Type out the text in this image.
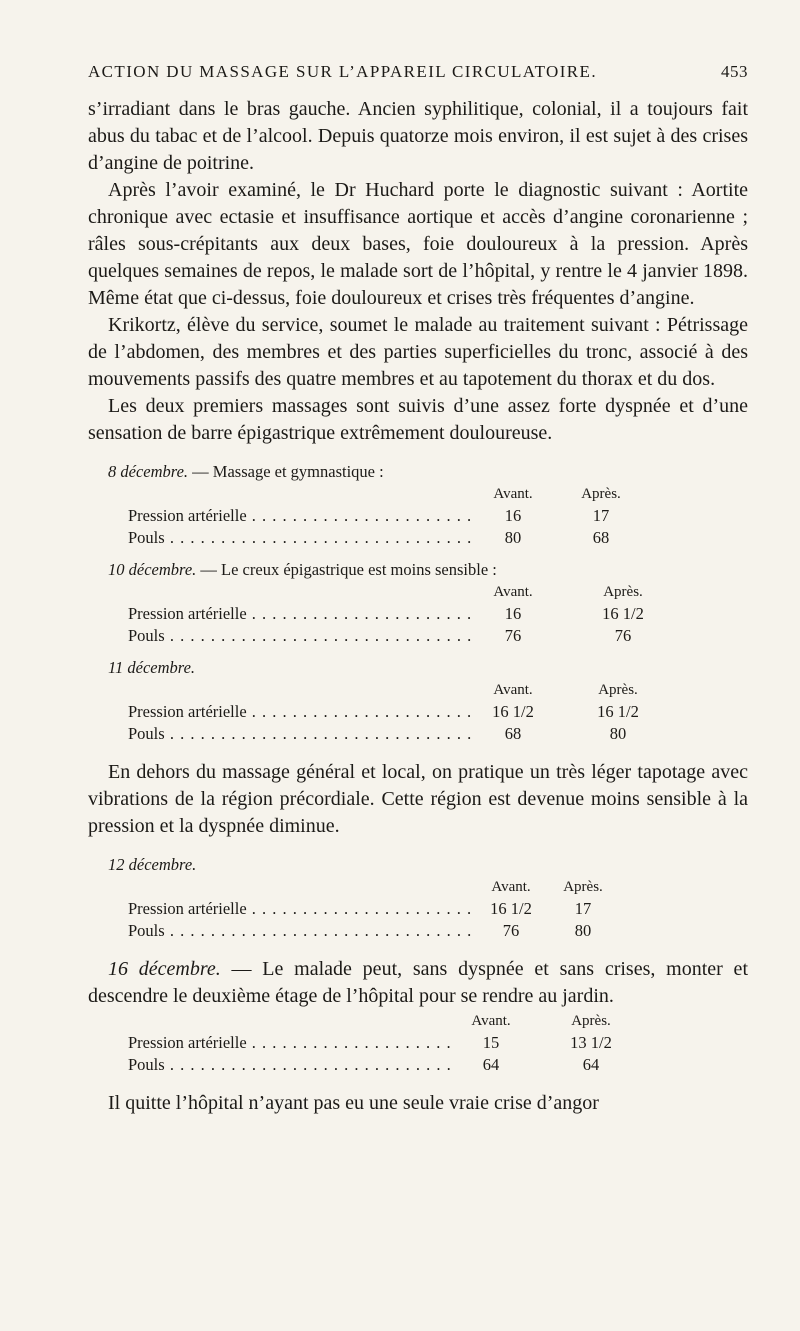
ACTION DU MASSAGE SUR L’APPAREIL CIRCULATOIRE.	453

s’irradiant dans le bras gauche. Ancien syphilitique, colonial, il a toujours fait abus du tabac et de l’alcool. Depuis quatorze mois environ, il est sujet à des crises d’angine de poitrine.

Après l’avoir examiné, le Dr Huchard porte le diagnostic suivant : Aortite chronique avec ectasie et insuffisance aortique et accès d’angine coronarienne ; râles sous-crépitants aux deux bases, foie douloureux à la pression. Après quelques semaines de repos, le malade sort de l’hôpital, y rentre le 4 janvier 1898. Même état que ci-dessus, foie douloureux et crises très fréquentes d’angine.

Krikortz, élève du service, soumet le malade au traitement suivant : Pétrissage de l’abdomen, des membres et des parties superficielles du tronc, associé à des mouvements passifs des quatre membres et au tapotement du thorax et du dos.

Les deux premiers massages sont suivis d’une assez forte dyspnée et d’une sensation de barre épigastrique extrêmement douloureuse.

8 décembre. — Massage et gymnastique :
Avant.	Après.
Pression artérielle . . .	16	17
Pouls . . .	80	68
10 décembre. — Le creux épigastrique est moins sensible :
Avant.	Après.
Pression artérielle . . .	16	16 1/2
Pouls . . .	76	76
11 décembre.
Avant.	Après.
Pression artérielle . . .	16 1/2	16 1/2
Pouls . . .	68	80

En dehors du massage général et local, on pratique un très léger tapotage avec vibrations de la région précordiale. Cette région est devenue moins sensible à la pression et la dyspnée diminue.

12 décembre.
Avant.	Après.
Pression artérielle . . .	16 1/2	17
Pouls . . .	76	80

16 décembre. — Le malade peut, sans dyspnée et sans crises, monter et descendre le deuxième étage de l’hôpital pour se rendre au jardin.

Avant.	Après.
Pression artérielle . . .	15	13 1/2
Pouls . . .	64	64

Il quitte l’hôpital n’ayant pas eu une seule vraie crise d’angor
